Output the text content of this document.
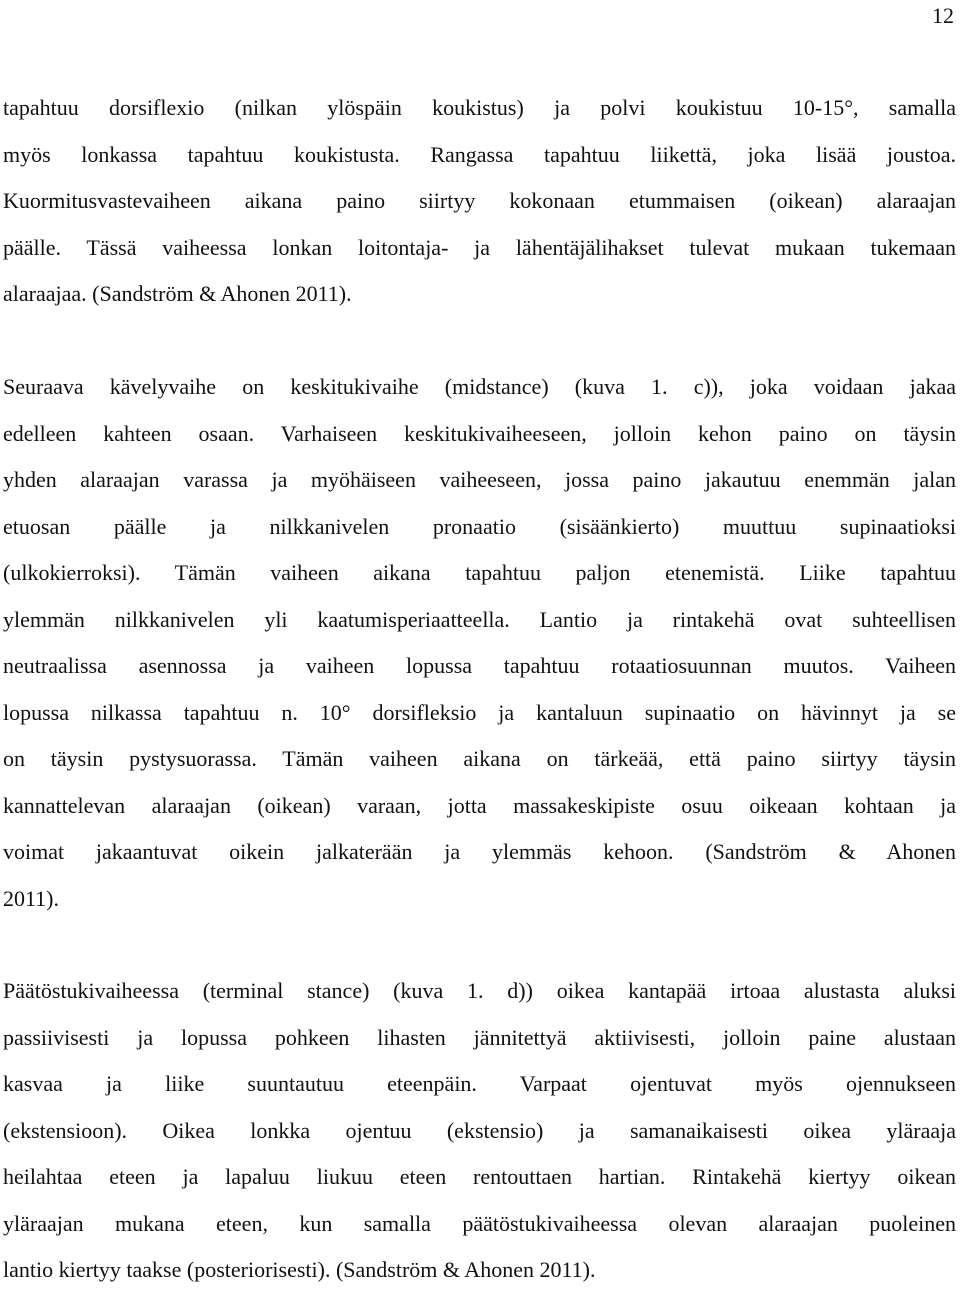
12
tapahtuu dorsiflexio (nilkan ylöspäin koukistus) ja polvi koukistuu 10-15°, samalla
myös lonkassa tapahtuu koukistusta. Rangassa tapahtuu liikettä, joka lisää joustoa.
Kuormitusvastevaiheen aikana paino siirtyy kokonaan etummaisen (oikean) alaraajan
päälle. Tässä vaiheessa lonkan loitontaja- ja lähentäjälihakset tulevat mukaan tukemaan
alaraajaa. (Sandström & Ahonen 2011).
Seuraava kävelyvaihe on keskitukivaihe (midstance) (kuva 1. c)), joka voidaan jakaa
edelleen kahteen osaan. Varhaiseen keskitukivaiheeseen, jolloin kehon paino on täysin
yhden alaraajan varassa ja myöhäiseen vaiheeseen, jossa paino jakautuu enemmän jalan
etuosan päälle ja nilkkanivelen pronaatio (sisäänkierto) muuttuu supinaatioksi
(ulkokierroksi). Tämän vaiheen aikana tapahtuu paljon etenemistä. Liike tapahtuu
ylemmän nilkkanivelen yli kaatumisperiaatteella. Lantio ja rintakehä ovat suhteellisen
neutraalissa asennossa ja vaiheen lopussa tapahtuu rotaatiosuunnan muutos. Vaiheen
lopussa nilkassa tapahtuu n. 10° dorsifleksio ja kantaluun supinaatio on hävinnyt ja se
on täysin pystysuorassa. Tämän vaiheen aikana on tärkeää, että paino siirtyy täysin
kannattelevan alaraajan (oikean) varaan, jotta massakeskipiste osuu oikeaan kohtaan ja
voimat jakaantuvat oikein jalkaterään ja ylemmäs kehoon. (Sandström & Ahonen
2011).
Päätöstukivaiheessa (terminal stance) (kuva 1. d)) oikea kantapää irtoaa alustasta aluksi
passiivisesti ja lopussa pohkeen lihasten jännitettyä aktiivisesti, jolloin paine alustaan
kasvaa ja liike suuntautuu eteenpäin. Varpaat ojentuvat myös ojennukseen
(ekstensioon). Oikea lonkka ojentuu (ekstensio) ja samanaikaisesti oikea yläraaja
heilahtaa eteen ja lapaluu liukuu eteen rentouttaen hartian. Rintakehä kiertyy oikean
yläraajan mukana eteen, kun samalla päätöstukivaiheessa olevan alaraajan puoleinen
lantio kiertyy taakse (posteriorisesti). (Sandström & Ahonen 2011).
